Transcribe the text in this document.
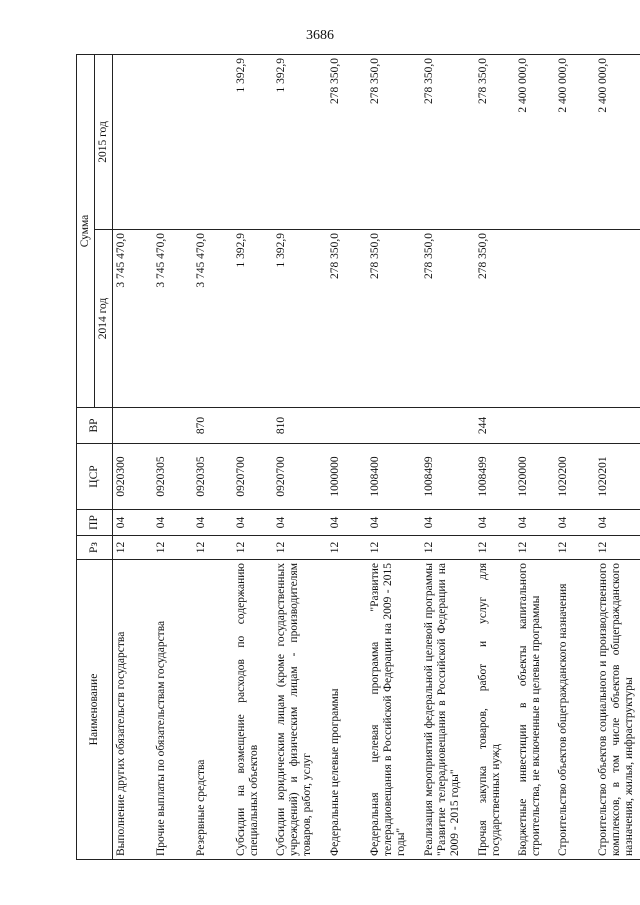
3686
Наименование	Рз	ПР	ЦСР	ВР	Сумма	
					2014 год	2015 год
Выполнение других обязательств государства	12	04	0920300		3 745 470,0	
Прочие выплаты по обязательствам государства	12	04	0920305		3 745 470,0	
Резервные средства	12	04	0920305	870	3 745 470,0	
Субсидии на возмещение расходов по содержанию специальных объектов	12	04	0920700		1 392,9	1 392,9
Субсидии юридическим лицам (кроме государственных учреждений) и физическим лицам - производителям товаров, работ, услуг	12	04	0920700	810	1 392,9	1 392,9
Федеральные целевые программы	12	04	1000000		278 350,0	278 350,0
Федеральная целевая программа "Развитие телерадиовещания в Российской Федерации на 2009 - 2015 годы"	12	04	1008400		278 350,0	278 350,0
Реализация мероприятий федеральной целевой программы "Развитие телерадиовещания в Российской Федерации на 2009 - 2015 годы"	12	04	1008499		278 350,0	278 350,0
Прочая закупка товаров, работ и услуг для государственных нужд	12	04	1008499	244	278 350,0	278 350,0
Бюджетные инвестиции в объекты капитального строительства, не включенные в целевые программы	12	04	1020000			2 400 000,0
Строительство объектов общегражданского назначения	12	04	1020200			2 400 000,0
Строительство объектов социального и производственного комплексов, в том числе объектов общегражданского назначения, жилья, инфраструктуры	12	04	1020201			2 400 000,0
